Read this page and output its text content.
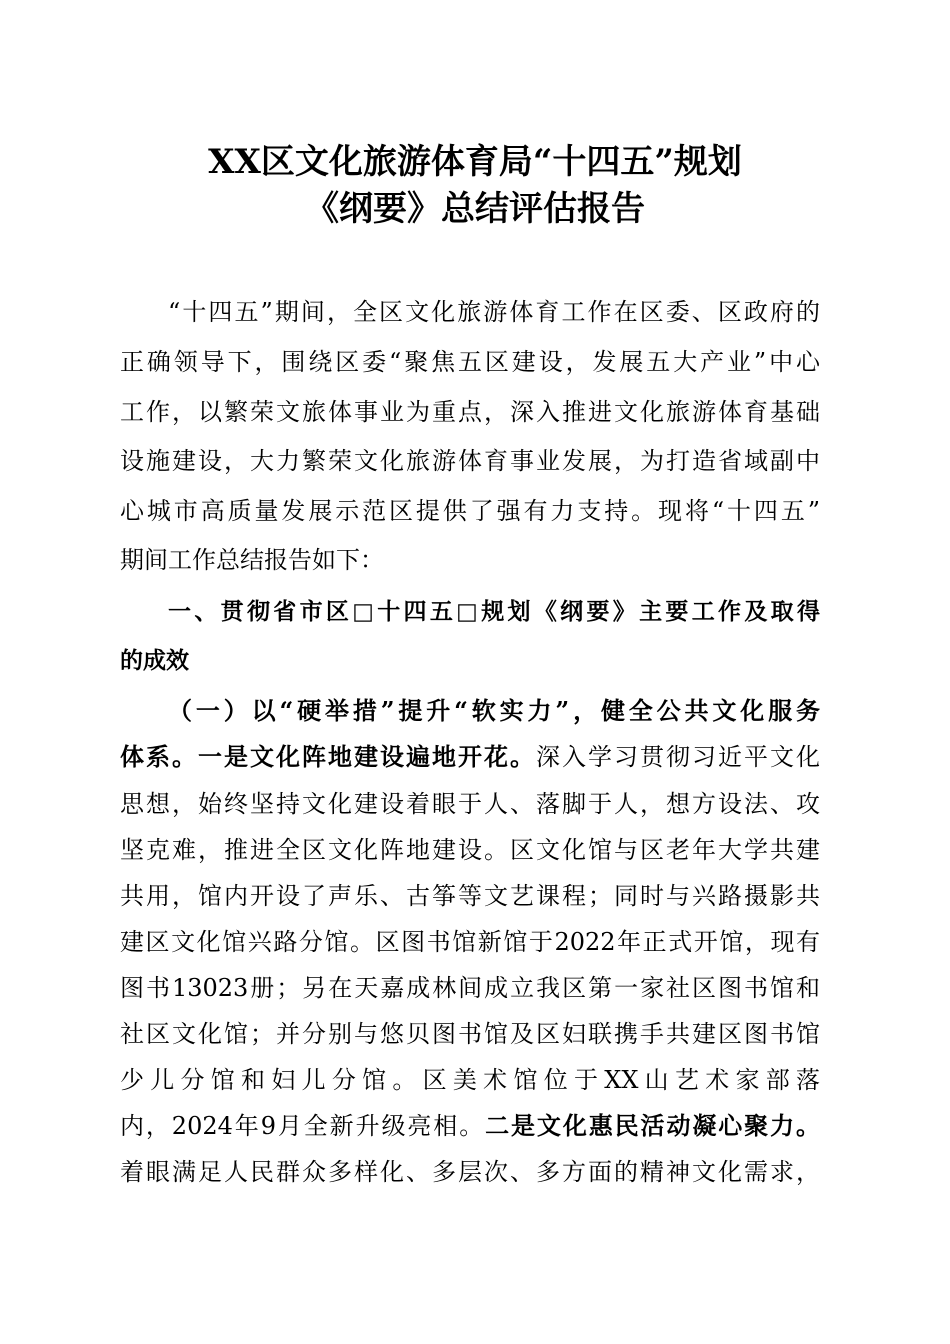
XX区文化旅游体育局“十四五”规划
《纲要》总结评估报告
“十四五”期间，全区文化旅游体育工作在区委、区政府的
正确领导下，围绕区委“聚焦五区建设，发展五大产业”中心
工作，以繁荣文旅体事业为重点，深入推进文化旅游体育基础
设施建设，大力繁荣文化旅游体育事业发展，为打造省域副中
心城市高质量发展示范区提供了强有力支持。现将“十四五”
期间工作总结报告如下：
一、贯彻省市区□十四五□规划《纲要》主要工作及取得
的成效
（一）以“硬举措”提升“软实力”，健全公共文化服务
体系。一是文化阵地建设遍地开花。深入学习贯彻习近平文化
思想，始终坚持文化建设着眼于人、落脚于人，想方设法、攻
坚克难，推进全区文化阵地建设。区文化馆与区老年大学共建
共用，馆内开设了声乐、古筝等文艺课程；同时与兴路摄影共
建区文化馆兴路分馆。区图书馆新馆于2022年正式开馆，现有
图书13023册；另在天嘉成林间成立我区第一家社区图书馆和
社区文化馆；并分别与悠贝图书馆及区妇联携手共建区图书馆
少儿分馆和妇儿分馆。区美术馆位于XX山艺术家部落
内，2024年9月全新升级亮相。二是文化惠民活动凝心聚力。
着眼满足人民群众多样化、多层次、多方面的精神文化需求，
